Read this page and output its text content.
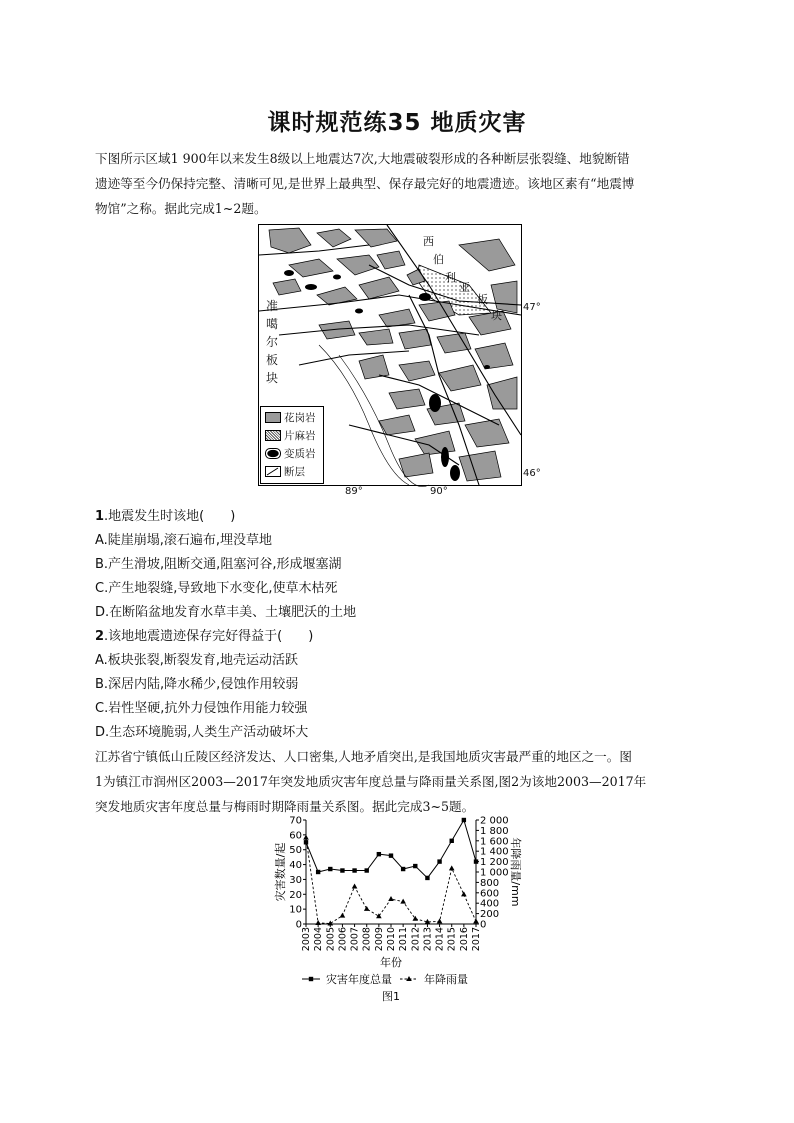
课时规范练35 地质灾害
下图所示区域1 900年以来发生8级以上地震达7次,大地震破裂形成的各种断层张裂缝、地貌断错
遗迹等至今仍保持完整、清晰可见,是世界上最典型、保存最完好的地震遗迹。该地区素有“地震博
物馆”之称。据此完成1~2题。
准
噶
尔
板
块
西
伯
利
亚
板
块
47°
46°
89°	90°
花岗岩
片麻岩
变质岩
断层
1.地震发生时该地(　　)
A.陡崖崩塌,滚石遍布,埋没草地
B.产生滑坡,阻断交通,阻塞河谷,形成堰塞湖
C.产生地裂缝,导致地下水变化,使草木枯死
D.在断陷盆地发育水草丰美、土壤肥沃的土地
2.该地地震遗迹保存完好得益于(　　)
A.板块张裂,断裂发育,地壳运动活跃
B.深居内陆,降水稀少,侵蚀作用较弱
C.岩性坚硬,抗外力侵蚀作用能力较强
D.生态环境脆弱,人类生产活动破坏大
江苏省宁镇低山丘陵区经济发达、人口密集,人地矛盾突出,是我国地质灾害最严重的地区之一。图
1为镇江市润州区2003—2017年突发地质灾害年度总量与降雨量关系图,图2为该地2003—2017年
突发地质灾害年度总量与梅雨时期降雨量关系图。据此完成3~5题。
0
10
20
30
40
50
60
70
0
200
400
600
800
1 000
1 200
1 400
1 600
1 800
2 000
2003 2004 2005 2006 2007 2008 2009 2010 2011 2012 2013 2014 2015 2016 2017
灾害数量/起	年降雨量/mm
年份
灾害年度总量	年降雨量
图1
